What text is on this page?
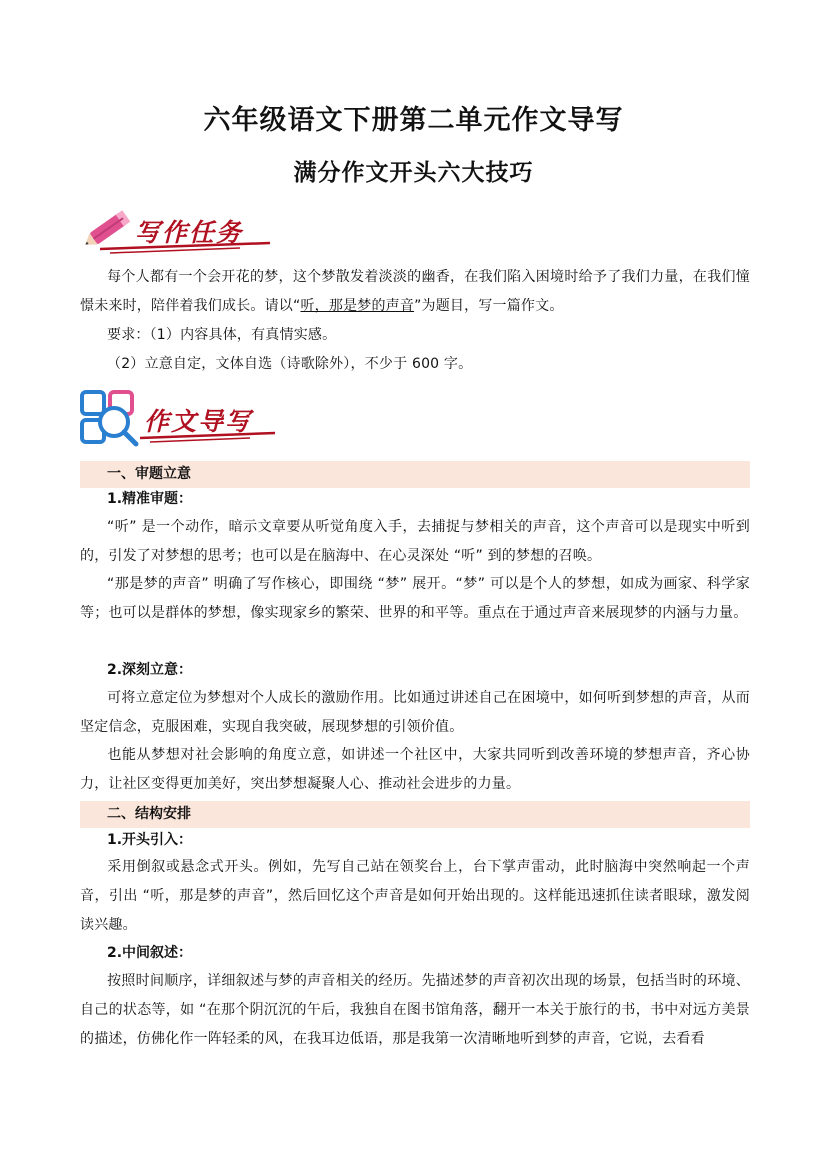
六年级语文下册第二单元作文导写
满分作文开头六大技巧
写作任务
每个人都有一个会开花的梦，这个梦散发着淡淡的幽香，在我们陷入困境时给予了我们力量，在我们憧憬未来时，陪伴着我们成长。请以“听，那是梦的声音”为题目，写一篇作文。
要求：（1）内容具体，有真情实感。
（2）立意自定，文体自选（诗歌除外），不少于 600 字。
作文导写
一、审题立意
1.精准审题：
“听” 是一个动作，暗示文章要从听觉角度入手，去捕捉与梦相关的声音，这个声音可以是现实中听到的，引发了对梦想的思考；也可以是在脑海中、在心灵深处 “听” 到的梦想的召唤。
“那是梦的声音” 明确了写作核心，即围绕 “梦” 展开。“梦” 可以是个人的梦想，如成为画家、科学家等；也可以是群体的梦想，像实现家乡的繁荣、世界的和平等。重点在于通过声音来展现梦的内涵与力量。
2.深刻立意：
可将立意定位为梦想对个人成长的激励作用。比如通过讲述自己在困境中，如何听到梦想的声音，从而坚定信念，克服困难，实现自我突破，展现梦想的引领价值。
也能从梦想对社会影响的角度立意，如讲述一个社区中，大家共同听到改善环境的梦想声音，齐心协力，让社区变得更加美好，突出梦想凝聚人心、推动社会进步的力量。
二、结构安排
1.开头引入：
采用倒叙或悬念式开头。例如，先写自己站在领奖台上，台下掌声雷动，此时脑海中突然响起一个声音，引出 “听，那是梦的声音”，然后回忆这个声音是如何开始出现的。这样能迅速抓住读者眼球，激发阅读兴趣。
2.中间叙述：
按照时间顺序，详细叙述与梦的声音相关的经历。先描述梦的声音初次出现的场景，包括当时的环境、自己的状态等，如 “在那个阴沉沉的午后，我独自在图书馆角落，翻开一本关于旅行的书，书中对远方美景的描述，仿佛化作一阵轻柔的风，在我耳边低语，那是我第一次清晰地听到梦的声音，它说，去看看
